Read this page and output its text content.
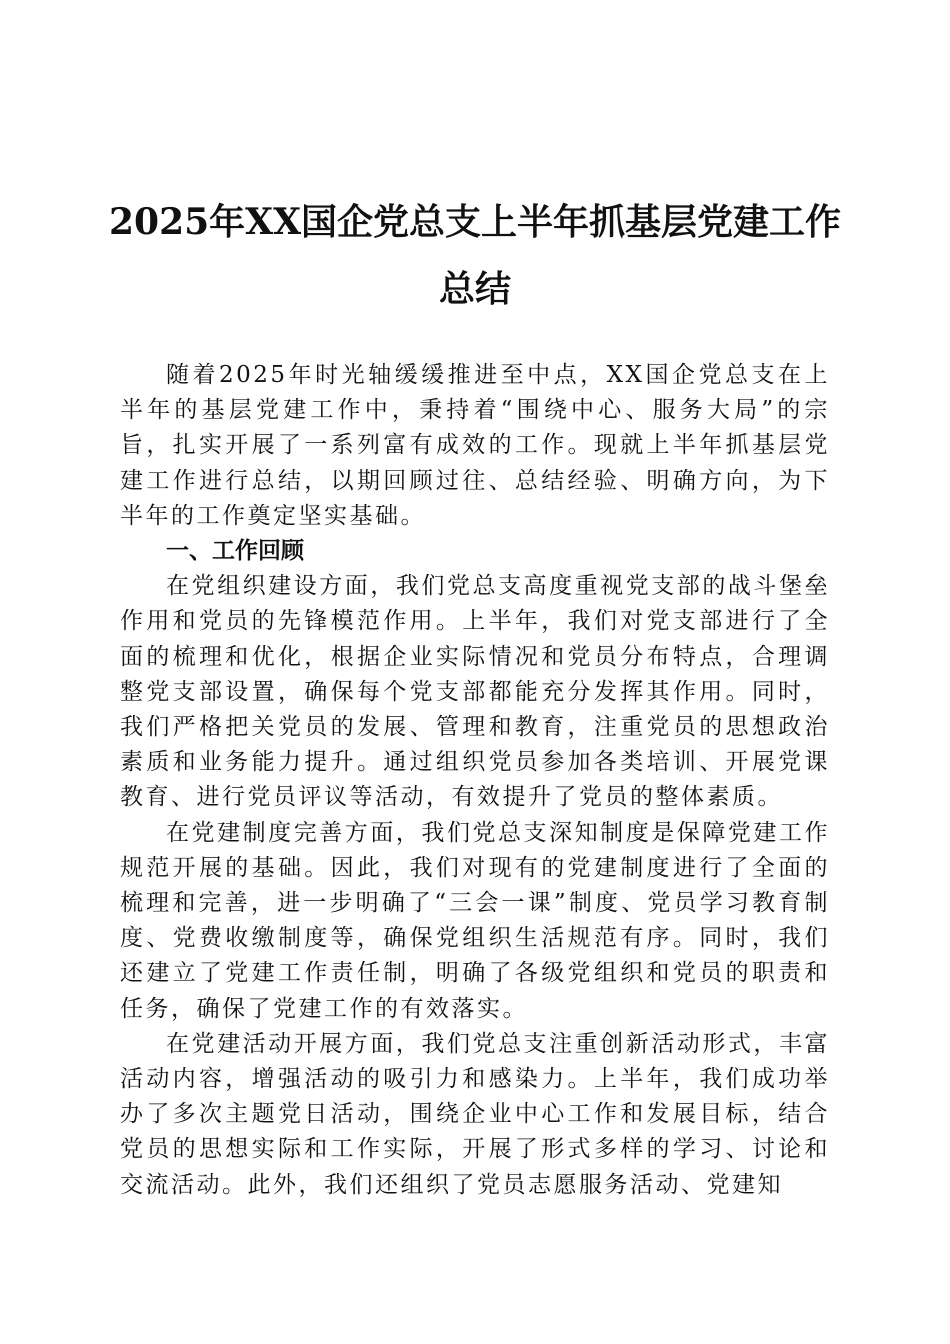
2025年XX国企党总支上半年抓基层党建工作
总结

随着2025年时光轴缓缓推进至中点，XX国企党总支在上半年的基层党建工作中，秉持着“围绕中心、服务大局”的宗旨，扎实开展了一系列富有成效的工作。现就上半年抓基层党建工作进行总结，以期回顾过往、总结经验、明确方向，为下半年的工作奠定坚实基础。

一、工作回顾

在党组织建设方面，我们党总支高度重视党支部的战斗堡垒作用和党员的先锋模范作用。上半年，我们对党支部进行了全面的梳理和优化，根据企业实际情况和党员分布特点，合理调整党支部设置，确保每个党支部都能充分发挥其作用。同时，我们严格把关党员的发展、管理和教育，注重党员的思想政治素质和业务能力提升。通过组织党员参加各类培训、开展党课教育、进行党员评议等活动，有效提升了党员的整体素质。

在党建制度完善方面，我们党总支深知制度是保障党建工作规范开展的基础。因此，我们对现有的党建制度进行了全面的梳理和完善，进一步明确了“三会一课”制度、党员学习教育制度、党费收缴制度等，确保党组织生活规范有序。同时，我们还建立了党建工作责任制，明确了各级党组织和党员的职责和任务，确保了党建工作的有效落实。

在党建活动开展方面，我们党总支注重创新活动形式，丰富活动内容，增强活动的吸引力和感染力。上半年，我们成功举办了多次主题党日活动，围绕企业中心工作和发展目标，结合党员的思想实际和工作实际，开展了形式多样的学习、讨论和交流活动。此外，我们还组织了党员志愿服务活动、党建知
